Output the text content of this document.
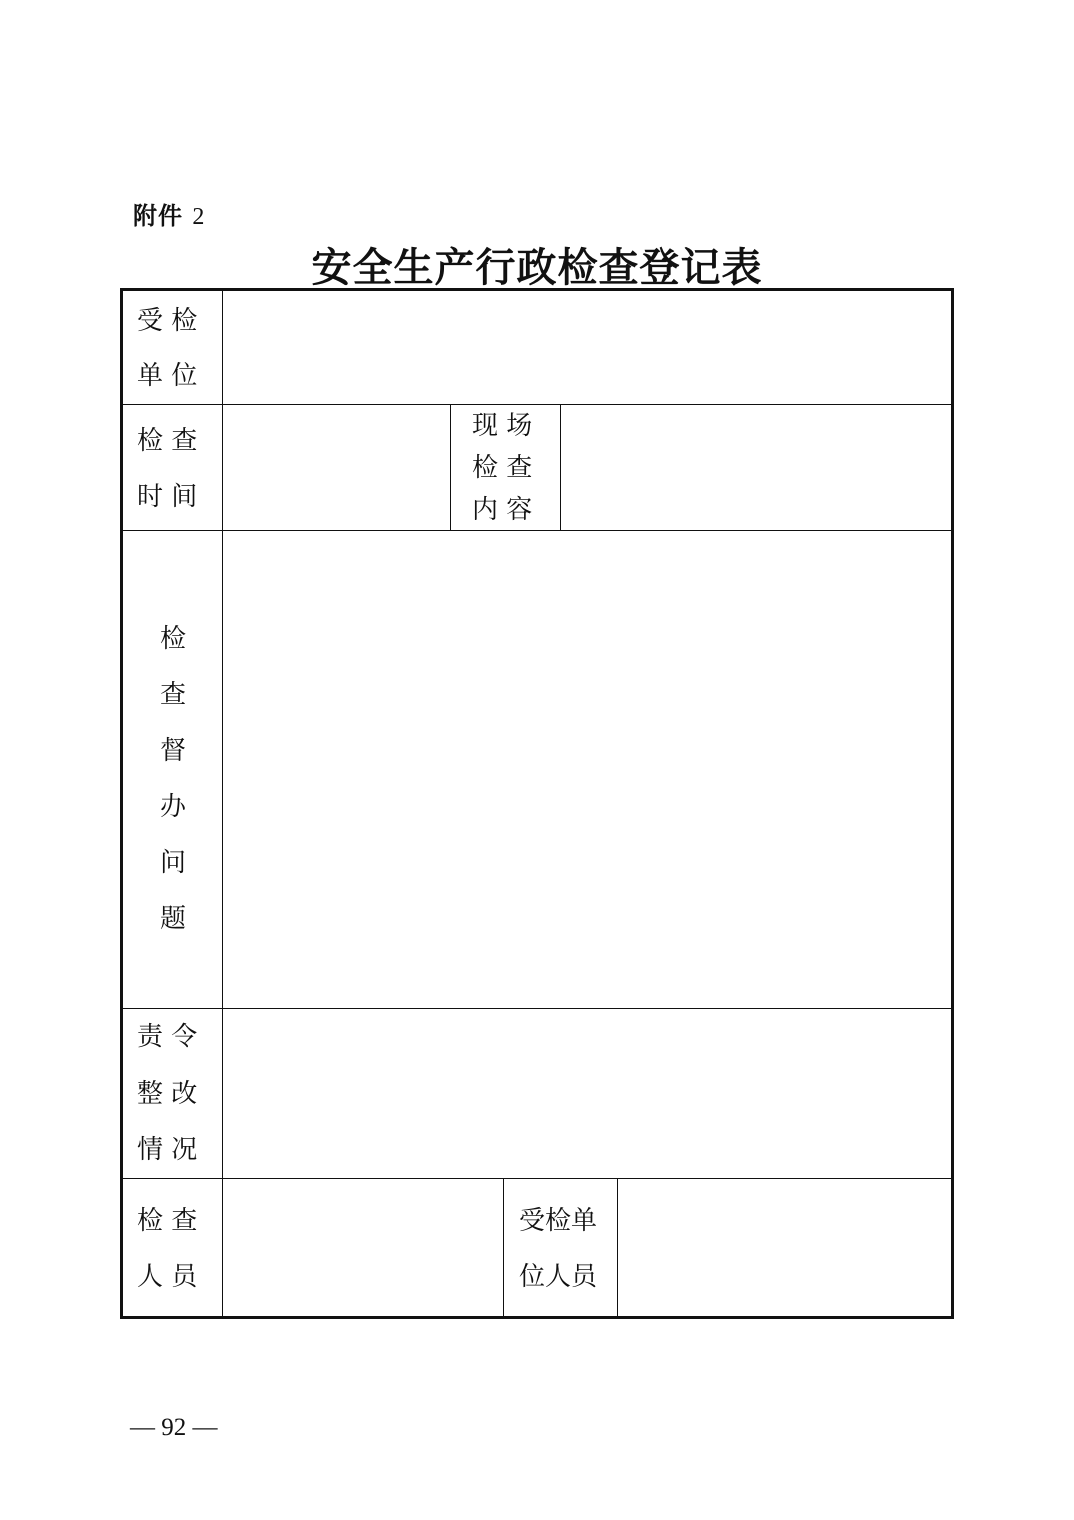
附件 2
安全生产行政检查登记表
受 检
单 位
检 查
时 间
现 场
检 查
内 容
检
查
督
办
问
题
责 令
整 改
情 况
检 查
人 员
受检单
位人员
— 92 —
